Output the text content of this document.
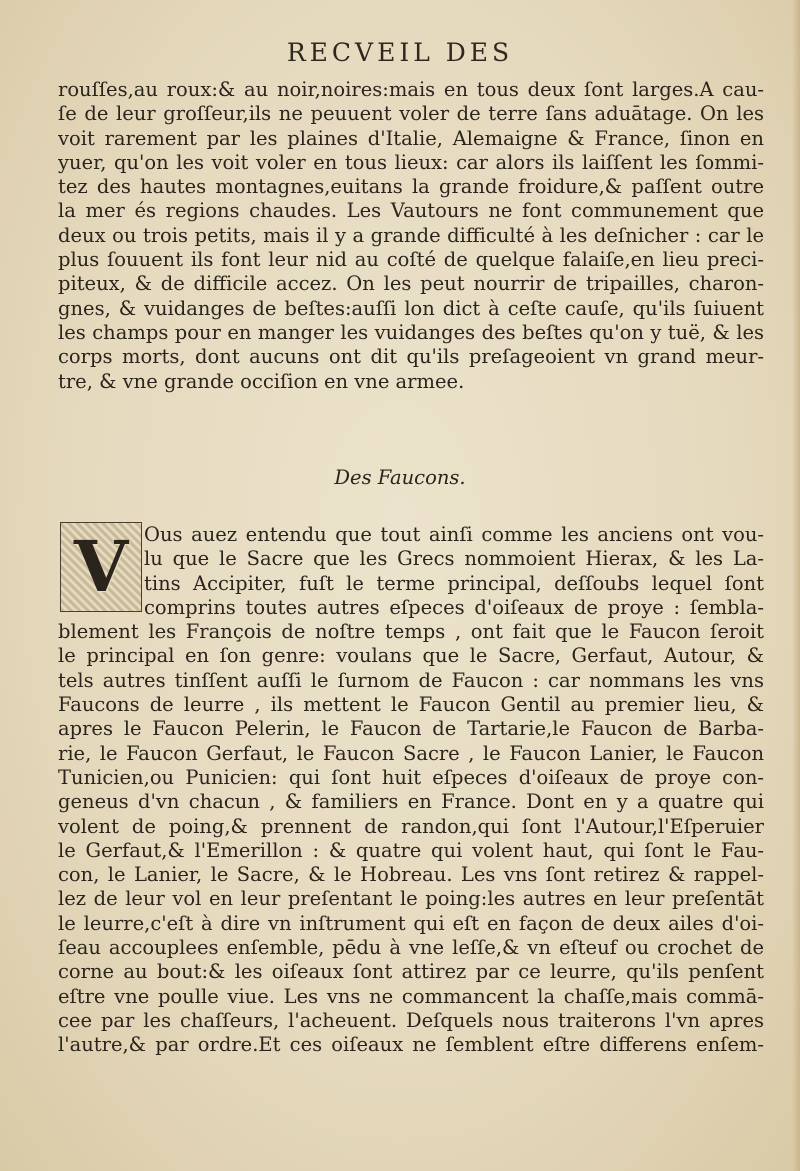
RECVEIL DES
rouſſes,au roux:& au noir,noires:mais en tous deux ſont larges.A cau-
ſe de leur groſſeur,ils ne peuuent voler de terre ſans aduātage. On les
voit rarement par les plaines d'Italie, Alemaigne & France, ſinon en
yuer, qu'on les voit voler en tous lieux: car alors ils laiſſent les ſommi-
tez des hautes montagnes,euitans la grande froidure,& paſſent outre
la mer és regions chaudes. Les Vautours ne font communement que
deux ou trois petits, mais il y a grande difficulté à les deſnicher : car le
plus ſouuent ils font leur nid au coſté de quelque falaiſe,en lieu preci-
piteux, & de difficile accez. On les peut nourrir de tripailles, charon-
gnes, & vuidanges de beſtes:auſſi lon dict à ceſte cauſe, qu'ils ſuiuent
les champs pour en manger les vuidanges des beſtes qu'on y tuë, & les
corps morts, dont aucuns ont dit qu'ils preſageoient vn grand meur-
tre, & vne grande occiſion en vne armee.
Des Faucons.
V Ous auez entendu que tout ainſi comme les anciens ont vou-
lu que le Sacre que les Grecs nommoient Hierax, & les La-
tins Accipiter, fuſt le terme principal, deſſoubs lequel ſont
comprins toutes autres eſpeces d'oiſeaux de proye : ſembla-
blement les François de noſtre temps , ont fait que le Faucon ſeroit
le principal en ſon genre: voulans que le Sacre, Gerfaut, Autour, &
tels autres tinſſent auſſi le ſurnom de Faucon : car nommans les vns
Faucons de leurre , ils mettent le Faucon Gentil au premier lieu, &
apres le Faucon Pelerin, le Faucon de Tartarie,le Faucon de Barba-
rie, le Faucon Gerfaut, le Faucon Sacre , le Faucon Lanier, le Faucon
Tunicien,ou Punicien: qui ſont huit eſpeces d'oiſeaux de proye con-
geneus d'vn chacun , & familiers en France. Dont en y a quatre qui
volent de poing,& prennent de randon,qui ſont l'Autour,l'Eſperuier
le Gerfaut,& l'Emerillon : & quatre qui volent haut, qui ſont le Fau-
con, le Lanier, le Sacre, & le Hobreau. Les vns ſont retirez & rappel-
lez de leur vol en leur preſentant le poing:les autres en leur preſentāt
le leurre,c'eſt à dire vn inſtrument qui eſt en façon de deux ailes d'oi-
ſeau accouplees enſemble, pēdu à vne leſſe,& vn eſteuf ou crochet de
corne au bout:& les oiſeaux ſont attirez par ce leurre, qu'ils penſent
eſtre vne poulle viue. Les vns ne commancent la chaſſe,mais commā-
cee par les chaſſeurs, l'acheuent. Deſquels nous traiterons l'vn apres
l'autre,& par ordre.Et ces oiſeaux ne ſemblent eſtre differens enſem-
